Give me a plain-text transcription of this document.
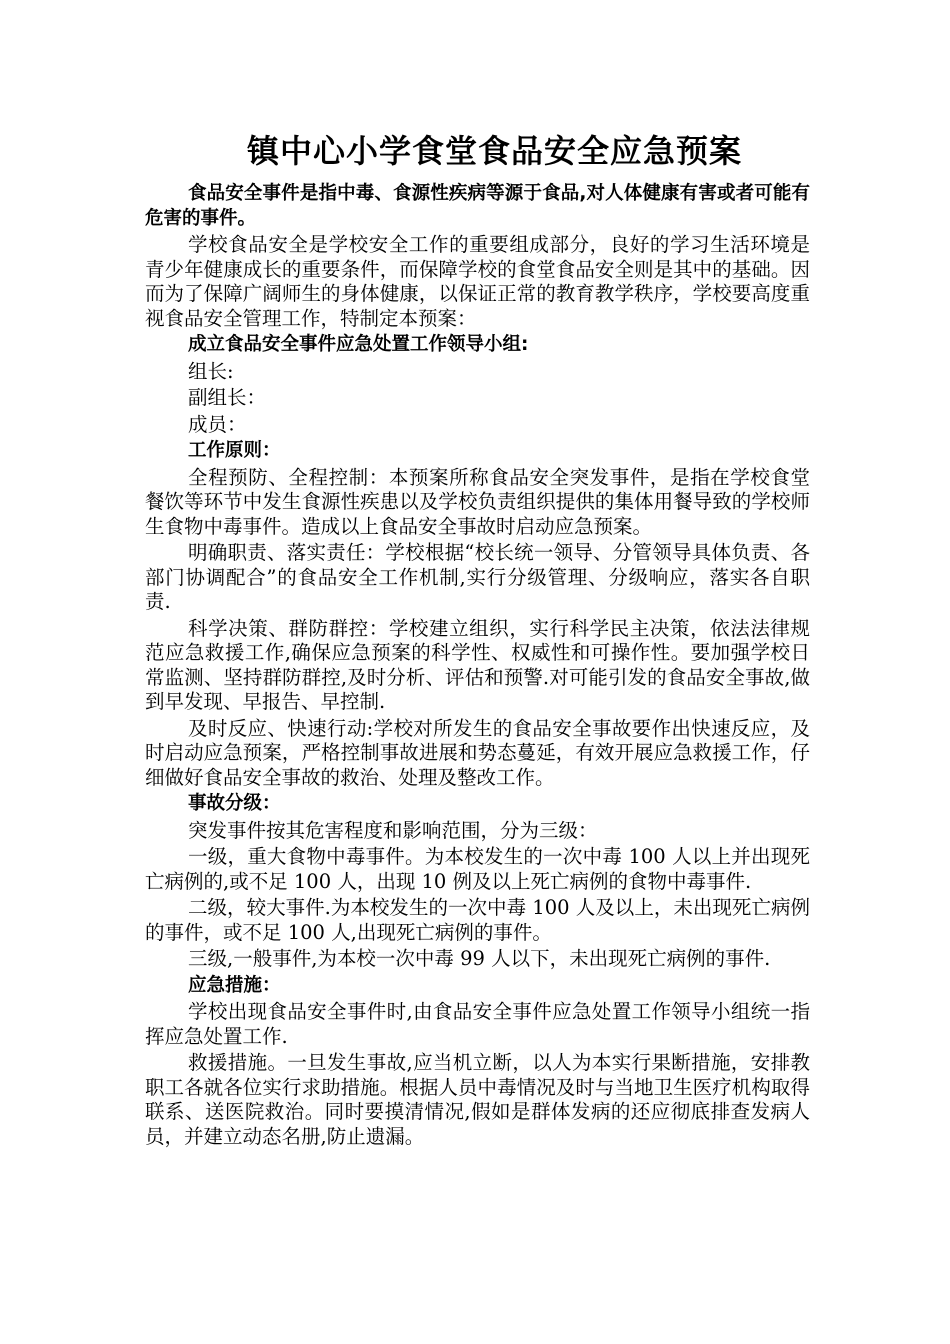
镇中心小学食堂食品安全应急预案

食品安全事件是指中毒、食源性疾病等源于食品,对人体健康有害或者可能有危害的事件。

学校食品安全是学校安全工作的重要组成部分，良好的学习生活环境是青少年健康成长的重要条件，而保障学校的食堂食品安全则是其中的基础。因而为了保障广阔师生的身体健康，以保证正常的教育教学秩序，学校要高度重视食品安全管理工作，特制定本预案：

成立食品安全事件应急处置工作领导小组:

组长:

副组长：

成员：

工作原则：

全程预防、全程控制：本预案所称食品安全突发事件，是指在学校食堂餐饮等环节中发生食源性疾患以及学校负责组织提供的集体用餐导致的学校师生食物中毒事件。造成以上食品安全事故时启动应急预案。

明确职责、落实责任：学校根据“校长统一领导、分管领导具体负责、各部门协调配合”的食品安全工作机制,实行分级管理、分级响应，落实各自职责.

科学决策、群防群控：学校建立组织，实行科学民主决策，依法法律规范应急救援工作,确保应急预案的科学性、权威性和可操作性。要加强学校日常监测、坚持群防群控,及时分析、评估和预警.对可能引发的食品安全事故,做到早发现、早报告、早控制.

及时反应、快速行动:学校对所发生的食品安全事故要作出快速反应，及时启动应急预案，严格控制事故进展和势态蔓延，有效开展应急救援工作，仔细做好食品安全事故的救治、处理及整改工作。

事故分级：

突发事件按其危害程度和影响范围，分为三级：

一级，重大食物中毒事件。为本校发生的一次中毒 100 人以上并出现死亡病例的,或不足 100 人，出现 10 例及以上死亡病例的食物中毒事件.

二级，较大事件.为本校发生的一次中毒 100 人及以上，未出现死亡病例的事件，或不足 100 人,出现死亡病例的事件。

三级,一般事件,为本校一次中毒 99 人以下，未出现死亡病例的事件.

应急措施：

学校出现食品安全事件时,由食品安全事件应急处置工作领导小组统一指挥应急处置工作.

救援措施。一旦发生事故,应当机立断，以人为本实行果断措施，安排教职工各就各位实行求助措施。根据人员中毒情况及时与当地卫生医疗机构取得联系、送医院救治。同时要摸清情况,假如是群体发病的还应彻底排查发病人员，并建立动态名册,防止遗漏。
